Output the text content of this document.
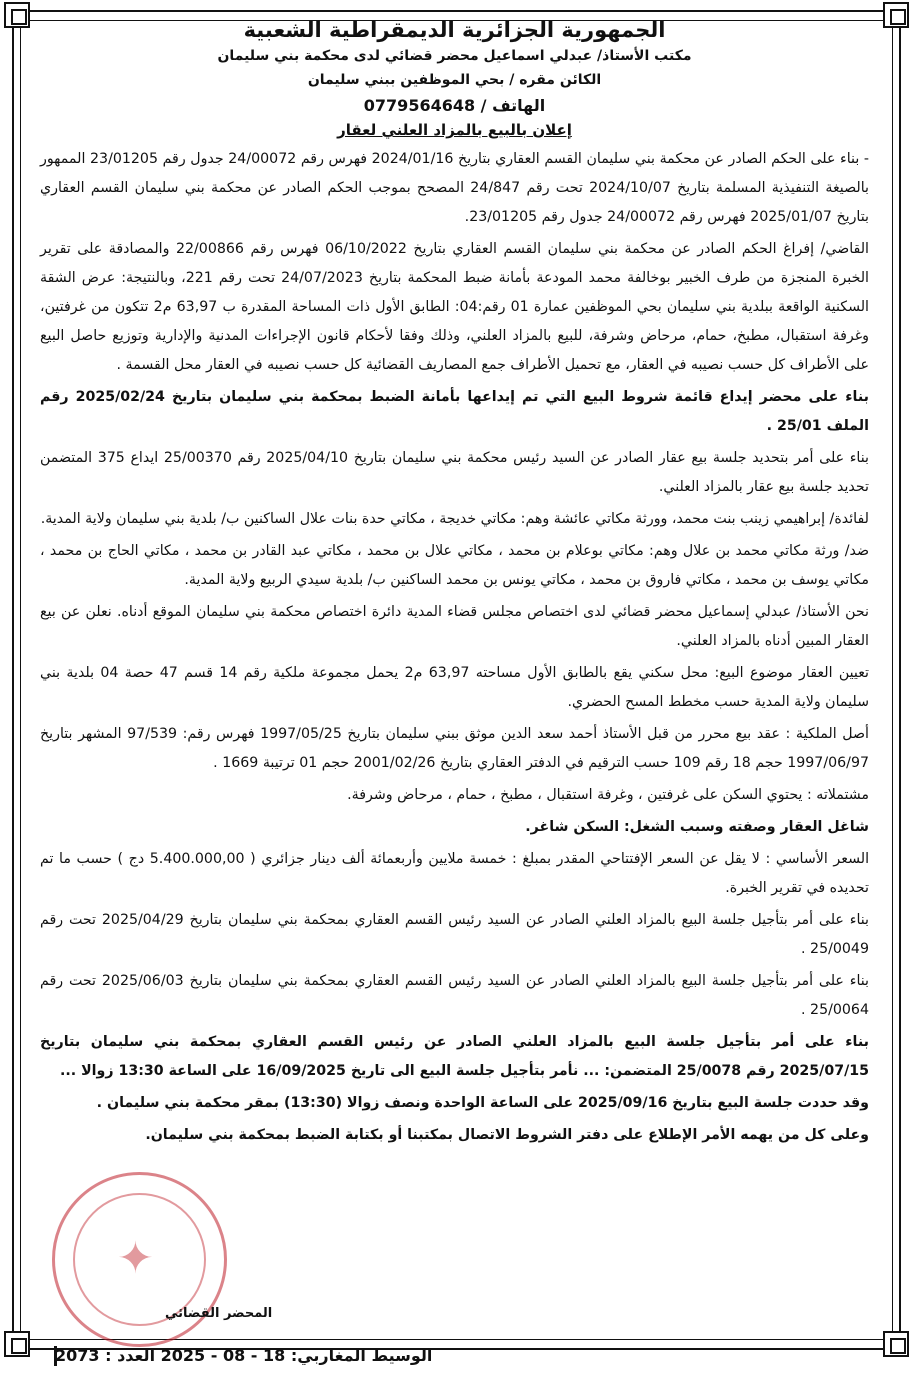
الجمهورية الجزائرية الديمقراطية الشعبية
مكتب الأستاذ/ عبدلي اسماعيل محضر قضائي لدى محكمة بني سليمان
الكائن مقره / بحي الموظفين ببني سليمان
الهاتف / 0779564648
إعلان بالبيع بالمزاد العلني لعقار

- بناء على الحكم الصادر عن محكمة بني سليمان القسم العقاري بتاريخ 2024/01/16 فهرس رقم 24/00072 جدول رقم 23/01205 الممهور بالصيغة التنفيذية المسلمة بتاريخ 2024/10/07 تحت رقم 24/847 المصحح بموجب الحكم الصادر عن محكمة بني سليمان القسم العقاري بتاريخ 2025/01/07 فهرس رقم 24/00072 جدول رقم 23/01205.

القاضي/ إفراغ الحكم الصادر عن محكمة بني سليمان القسم العقاري بتاريخ 06/10/2022 فهرس رقم 22/00866 والمصادقة على تقرير الخبرة المنجزة من طرف الخبير بوخالفة محمد المودعة بأمانة ضبط المحكمة بتاريخ 24/07/2023 تحت رقم 221، وبالنتيجة: عرض الشقة السكنية الواقعة ببلدية بني سليمان بحي الموظفين عمارة 01 رقم:04: الطابق الأول ذات المساحة المقدرة ب 63,97 م2 تتكون من غرفتين، وغرفة استقبال، مطبخ، حمام، مرحاض وشرفة، للبيع بالمزاد العلني، وذلك وفقا لأحكام قانون الإجراءات المدنية والإدارية وتوزيع حاصل البيع على الأطراف كل حسب نصيبه في العقار، مع تحميل الأطراف جمع المصاريف القضائية كل حسب نصيبه في العقار محل القسمة .

بناء على محضر إيداع قائمة شروط البيع التي تم إيداعها بأمانة الضبط بمحكمة بني سليمان بتاريخ 2025/02/24 رقم الملف 25/01 .

بناء على أمر بتحديد جلسة بيع عقار الصادر عن السيد رئيس محكمة بني سليمان بتاريخ 2025/04/10 رقم 25/00370 ايداع 375 المتضمن تحديد جلسة بيع عقار بالمزاد العلني.

لفائدة/ إبراهيمي زينب بنت محمد، وورثة مكاتي عائشة وهم: مكاتي خديجة ، مكاتي حدة بنات علال الساكنين ب/ بلدية بني سليمان ولاية المدية.

ضد/ ورثة مكاتي محمد بن علال وهم: مكاتي بوعلام بن محمد ، مكاتي علال بن محمد ، مكاتي عبد القادر بن محمد ، مكاتي الحاج بن محمد ، مكاتي يوسف بن محمد ، مكاتي فاروق بن محمد ، مكاتي يونس بن محمد الساكنين ب/ بلدية سيدي الربيع ولاية المدية.

نحن الأستاذ/ عبدلي إسماعيل محضر قضائي لدى اختصاص مجلس قضاء المدية دائرة اختصاص محكمة بني سليمان الموقع أدناه. نعلن عن بيع العقار المبين أدناه بالمزاد العلني.

تعيين العقار موضوع البيع: محل سكني يقع بالطابق الأول مساحته 63,97 م2 يحمل مجموعة ملكية رقم 14 قسم 47 حصة 04 بلدية بني سليمان ولاية المدية حسب مخطط المسح الحضري.

أصل الملكية : عقد بيع محرر من قبل الأستاذ أحمد سعد الدين موثق ببني سليمان بتاريخ 1997/05/25 فهرس رقم: 97/539 المشهر بتاريخ 1997/06/97 حجم 18 رقم 109 حسب الترقيم في الدفتر العقاري بتاريخ 2001/02/26 حجم 01 ترتيبة 1669 .

مشتملاته : يحتوي السكن على غرفتين ، وغرفة استقبال ، مطبخ ، حمام ، مرحاض وشرفة.

شاغل العقار وصفته وسبب الشغل: السكن شاغر.

السعر الأساسي : لا يقل عن السعر الإفتتاحي المقدر بمبلغ : خمسة ملايين وأربعمائة ألف دينار جزائري ( 5.400.000,00 دج ) حسب ما تم تحديده في تقرير الخبرة.

بناء على أمر بتأجيل جلسة البيع بالمزاد العلني الصادر عن السيد رئيس القسم العقاري بمحكمة بني سليمان بتاريخ 2025/04/29 تحت رقم 25/0049 .

بناء على أمر بتأجيل جلسة البيع بالمزاد العلني الصادر عن السيد رئيس القسم العقاري بمحكمة بني سليمان بتاريخ 2025/06/03 تحت رقم 25/0064 .

بناء على أمر بتأجيل جلسة البيع بالمزاد العلني الصادر عن رئيس القسم العقاري بمحكمة بني سليمان بتاريخ 2025/07/15 رقم 25/0078 المتضمن: ... نأمر بتأجيل جلسة البيع الى تاريخ 16/09/2025 على الساعة 13:30 زوالا ...

وقد حددت جلسة البيع بتاريخ 2025/09/16 على الساعة الواحدة ونصف زوالا (13:30) بمقر محكمة بني سليمان .

وعلى كل من يهمه الأمر الإطلاع على دفتر الشروط الاتصال بمكتبنا أو بكتابة الضبط بمحكمة بني سليمان.

✦
المحضر القضائي
الوسيط المغاربي: 18 - 08 - 2025 العدد : 2073
